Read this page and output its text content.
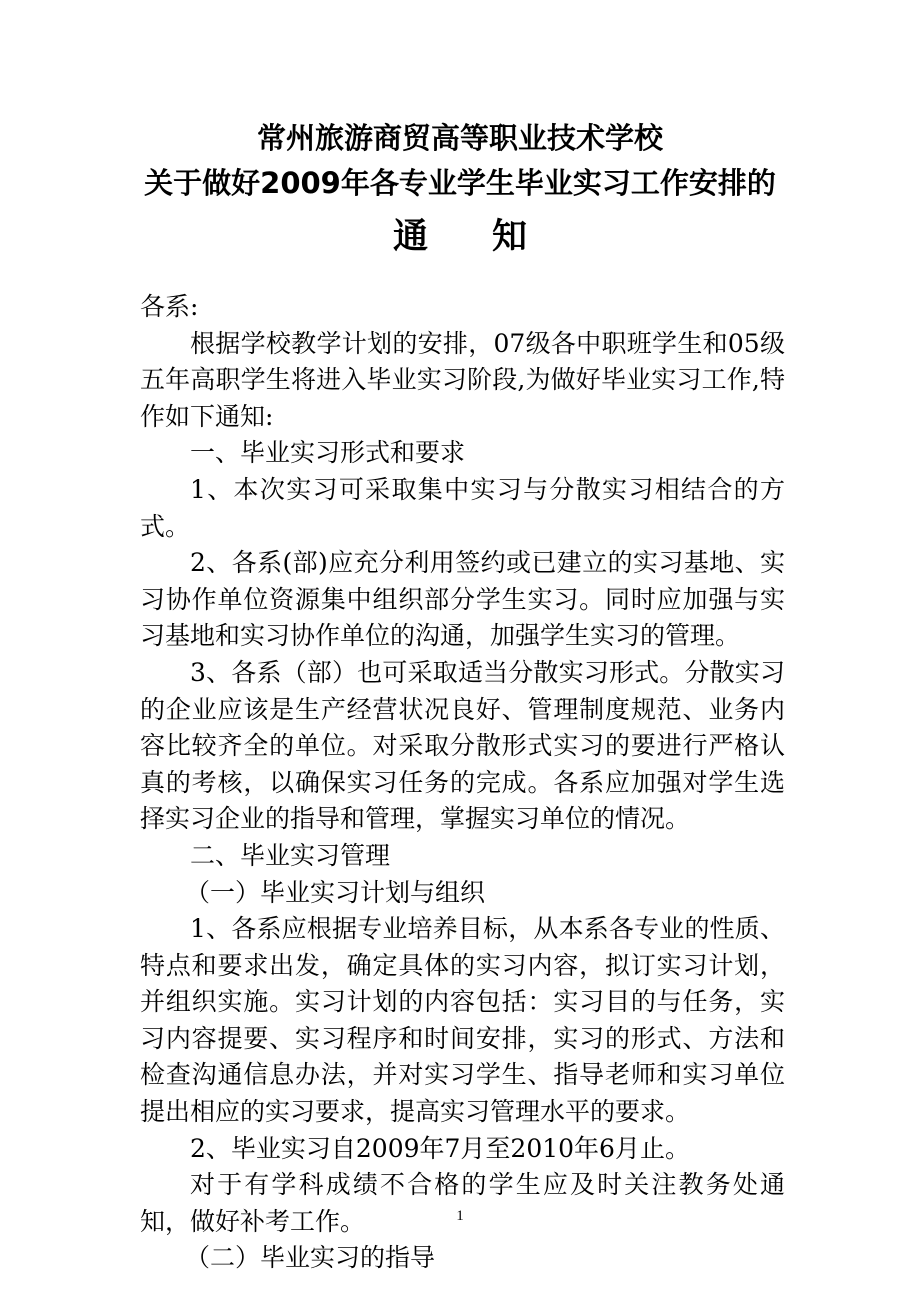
常州旅游商贸高等职业技术学校
关于做好2009年各专业学生毕业实习工作安排的
通知

各系:

根据学校教学计划的安排，07级各中职班学生和05级五年高职学生将进入毕业实习阶段,为做好毕业实习工作,特作如下通知:

一、毕业实习形式和要求

1、本次实习可采取集中实习与分散实习相结合的方式。

2、各系(部)应充分利用签约或已建立的实习基地、实习协作单位资源集中组织部分学生实习。同时应加强与实习基地和实习协作单位的沟通，加强学生实习的管理。

3、各系（部）也可采取适当分散实习形式。分散实习的企业应该是生产经营状况良好、管理制度规范、业务内容比较齐全的单位。对采取分散形式实习的要进行严格认真的考核，以确保实习任务的完成。各系应加强对学生选择实习企业的指导和管理，掌握实习单位的情况。

二、毕业实习管理

（一）毕业实习计划与组织

1、各系应根据专业培养目标，从本系各专业的性质、特点和要求出发，确定具体的实习内容，拟订实习计划，并组织实施。实习计划的内容包括：实习目的与任务，实习内容提要、实习程序和时间安排，实习的形式、方法和检查沟通信息办法，并对实习学生、指导老师和实习单位提出相应的实习要求，提高实习管理水平的要求。

2、毕业实习自2009年7月至2010年6月止。

对于有学科成绩不合格的学生应及时关注教务处通知，做好补考工作。

（二）毕业实习的指导

1
